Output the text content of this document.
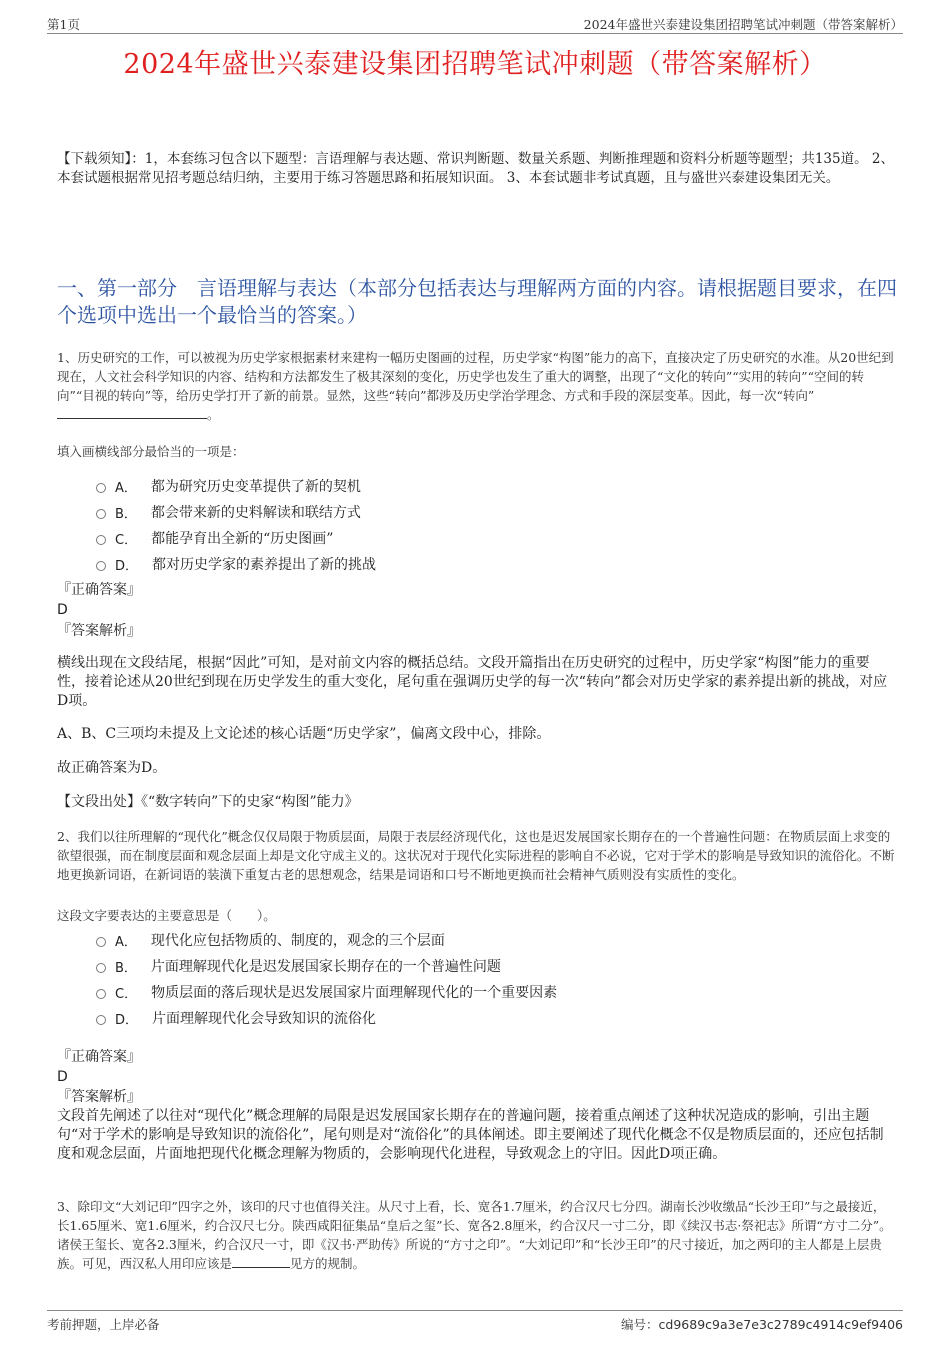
第1页	2024年盛世兴泰建设集团招聘笔试冲刺题（带答案解析）
2024年盛世兴泰建设集团招聘笔试冲刺题（带答案解析）
【下载须知】：1，本套练习包含以下题型：言语理解与表达题、常识判断题、数量关系题、判断推理题和资料分析题等题型；共135道。 2、本套试题根据常见招考题总结归纳，主要用于练习答题思路和拓展知识面。 3、本套试题非考试真题，且与盛世兴泰建设集团无关。
一、第一部分　言语理解与表达（本部分包括表达与理解两方面的内容。请根据题目要求，在四个选项中选出一个最恰当的答案。）
1、历史研究的工作，可以被视为历史学家根据素材来建构一幅历史图画的过程，历史学家“构图”能力的高下，直接决定了历史研究的水准。从20世纪到现在，人文社会科学知识的内容、结构和方法都发生了极其深刻的变化，历史学也发生了重大的调整，出现了“文化的转向”“实用的转向”“空间的转向”“目视的转向”等，给历史学打开了新的前景。显然，这些“转向”都涉及历史学治学理念、方式和手段的深层变革。因此，每一次“转向”。
填入画横线部分最恰当的一项是：
A． 都为研究历史变革提供了新的契机
B． 都会带来新的史料解读和联结方式
C． 都能孕育出全新的“历史图画”
D． 都对历史学家的素养提出了新的挑战
『正确答案』
D
『答案解析』
横线出现在文段结尾，根据“因此”可知，是对前文内容的概括总结。文段开篇指出在历史研究的过程中，历史学家“构图”能力的重要性，接着论述从20世纪到现在历史学发生的重大变化，尾句重在强调历史学的每一次“转向”都会对历史学家的素养提出新的挑战，对应D项。
A、B、C三项均未提及上文论述的核心话题“历史学家”，偏离文段中心，排除。
故正确答案为D。
【文段出处】《“数字转向”下的史家“构图”能力》
2、我们以往所理解的“现代化”概念仅仅局限于物质层面，局限于表层经济现代化，这也是迟发展国家长期存在的一个普遍性问题：在物质层面上求变的欲望很强，而在制度层面和观念层面上却是文化守成主义的。这状况对于现代化实际进程的影响自不必说，它对于学术的影响是导致知识的流俗化。不断地更换新词语，在新词语的装潢下重复古老的思想观念，结果是词语和口号不断地更换而社会精神气质则没有实质性的变化。
这段文字要表达的主要意思是（　　）。
A． 现代化应包括物质的、制度的，观念的三个层面
B． 片面理解现代化是迟发展国家长期存在的一个普遍性问题
C． 物质层面的落后现状是迟发展国家片面理解现代化的一个重要因素
D． 片面理解现代化会导致知识的流俗化
『正确答案』
D
『答案解析』
文段首先阐述了以往对“现代化”概念理解的局限是迟发展国家长期存在的普遍问题，接着重点阐述了这种状况造成的影响，引出主题句“对于学术的影响是导致知识的流俗化”，尾句则是对“流俗化”的具体阐述。即主要阐述了现代化概念不仅是物质层面的，还应包括制度和观念层面，片面地把现代化概念理解为物质的，会影响现代化进程，导致观念上的守旧。因此D项正确。
3、除印文“大刘记印”四字之外，该印的尺寸也值得关注。从尺寸上看，长、宽各1.7厘米，约合汉尺七分四。湖南长沙收缴品“长沙王印”与之最接近，长1.65厘米、宽1.6厘米，约合汉尺七分。陕西咸阳征集品“皇后之玺”长、宽各2.8厘米，约合汉尺一寸二分，即《续汉书志·祭祀志》所谓“方寸二分”。诸侯王玺长、宽各2.3厘米，约合汉尺一寸，即《汉书·严助传》所说的“方寸之印”。“大刘记印”和“长沙王印”的尺寸接近，加之两印的主人都是上层贵族。可见，西汉私人用印应该是	见方的规制。
考前押题，上岸必备	编号：cd9689c9a3e7e3c2789c4914c9ef9406
